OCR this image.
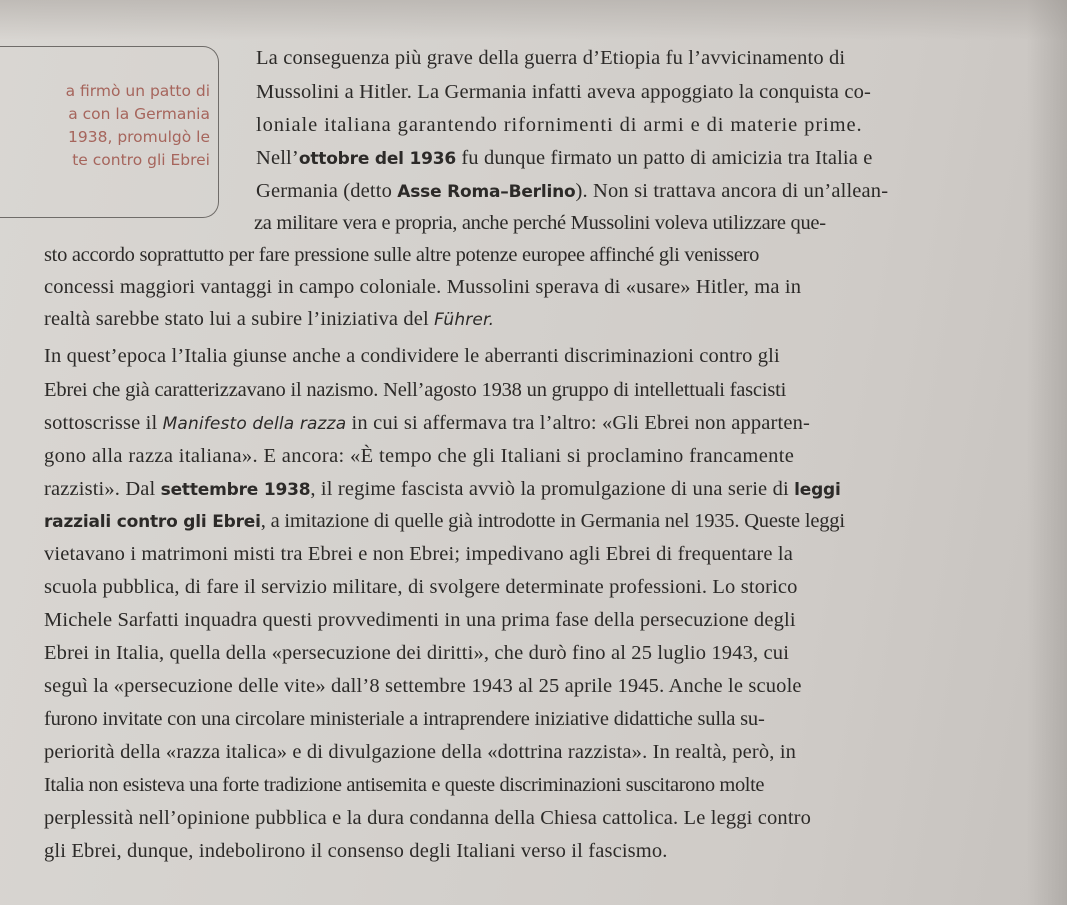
a firmò un patto di
a con la Germania
1938, promulgò le
te contro gli Ebrei

La conseguenza più grave della guerra d’Etiopia fu l’avvicinamento di
Mussolini a Hitler. La Germania infatti aveva appoggiato la conquista co-
loniale italiana garantendo rifornimenti di armi e di materie prime.
Nell’ottobre del 1936 fu dunque firmato un patto di amicizia tra Italia e
Germania (detto Asse Roma–Berlino). Non si trattava ancora di un’allean-
za militare vera e propria, anche perché Mussolini voleva utilizzare que-
sto accordo soprattutto per fare pressione sulle altre potenze europee affinché gli venissero
concessi maggiori vantaggi in campo coloniale. Mussolini sperava di «usare» Hitler, ma in
realtà sarebbe stato lui a subire l’iniziativa del Führer.
In quest’epoca l’Italia giunse anche a condividere le aberranti discriminazioni contro gli
Ebrei che già caratterizzavano il nazismo. Nell’agosto 1938 un gruppo di intellettuali fascisti
sottoscrisse il Manifesto della razza in cui si affermava tra l’altro: «Gli Ebrei non apparten-
gono alla razza italiana». E ancora: «È tempo che gli Italiani si proclamino francamente
razzisti». Dal settembre 1938, il regime fascista avviò la promulgazione di una serie di leggi
razziali contro gli Ebrei, a imitazione di quelle già introdotte in Germania nel 1935. Queste leggi
vietavano i matrimoni misti tra Ebrei e non Ebrei; impedivano agli Ebrei di frequentare la
scuola pubblica, di fare il servizio militare, di svolgere determinate professioni. Lo storico
Michele Sarfatti inquadra questi provvedimenti in una prima fase della persecuzione degli
Ebrei in Italia, quella della «persecuzione dei diritti», che durò fino al 25 luglio 1943, cui
seguì la «persecuzione delle vite» dall’8 settembre 1943 al 25 aprile 1945. Anche le scuole
furono invitate con una circolare ministeriale a intraprendere iniziative didattiche sulla su-
periorità della «razza italica» e di divulgazione della «dottrina razzista». In realtà, però, in
Italia non esisteva una forte tradizione antisemita e queste discriminazioni suscitarono molte
perplessità nell’opinione pubblica e la dura condanna della Chiesa cattolica. Le leggi contro
gli Ebrei, dunque, indebolirono il consenso degli Italiani verso il fascismo.
